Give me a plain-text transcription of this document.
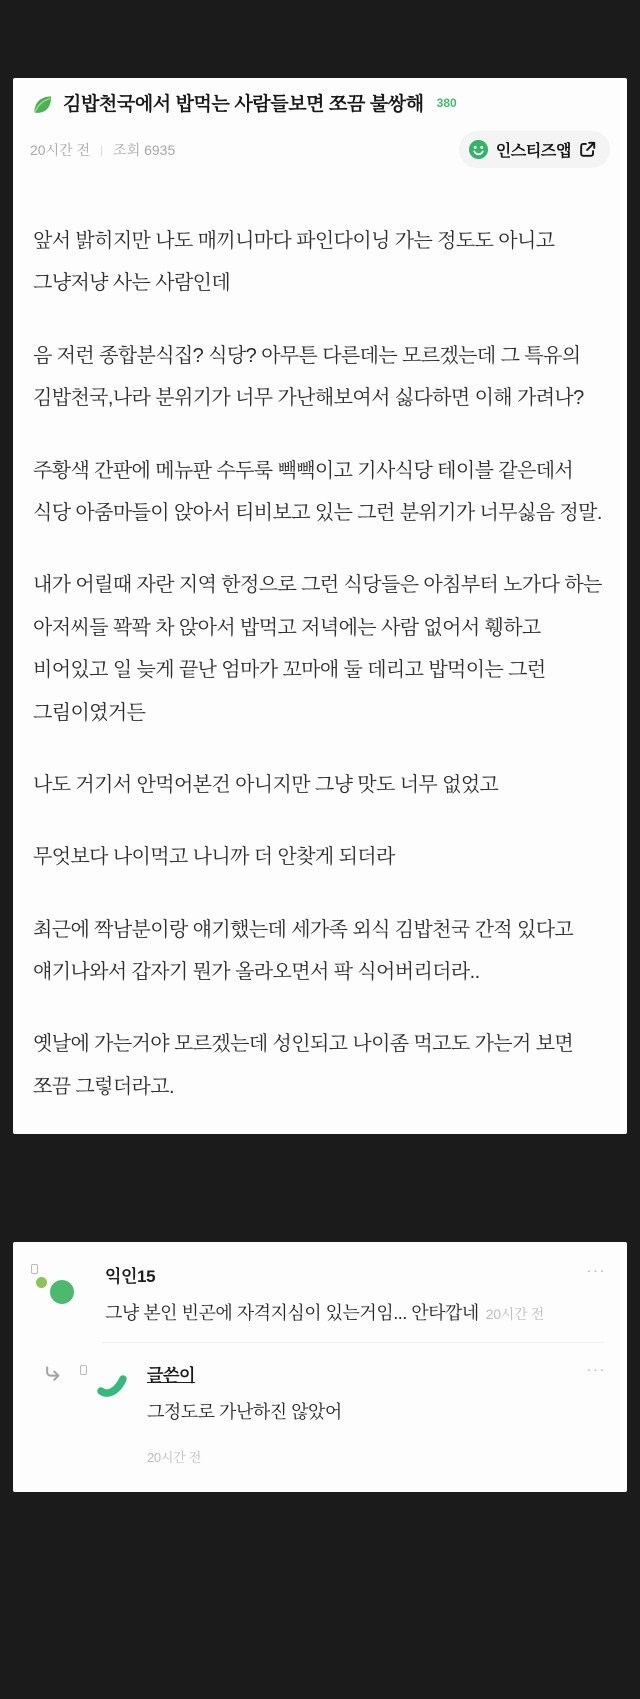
김밥천국에서 밥먹는 사람들보면 쪼끔 불쌍해 380
20시간 전 | 조회 6935	인스티즈앱

앞서 밝히지만 나도 매끼니마다 파인다이닝 가는 정도도 아니고 그냥저냥 사는 사람인데

음 저런 종합분식집? 식당? 아무튼 다른데는 모르겠는데 그 특유의 김밥천국,나라 분위기가 너무 가난해보여서 싫다하면 이해 가려나?

주황색 간판에 메뉴판 수두룩 빽빽이고 기사식당 테이블 같은데서 식당 아줌마들이 앉아서 티비보고 있는 그런 분위기가 너무싫음 정말.

내가 어릴때 자란 지역 한정으로 그런 식당들은 아침부터 노가다 하는 아저씨들 꽉꽉 차 앉아서 밥먹고 저녁에는 사람 없어서 휑하고 비어있고 일 늦게 끝난 엄마가 꼬마애 둘 데리고 밥먹이는 그런 그림이였거든

나도 거기서 안먹어본건 아니지만 그냥 맛도 너무 없었고

무엇보다 나이먹고 나니까 더 안찾게 되더라

최근에 짝남분이랑 얘기했는데 세가족 외식 김밥천국 간적 있다고 얘기나와서 갑자기 뭔가 올라오면서 팍 식어버리더라..

옛날에 가는거야 모르겠는데 성인되고 나이좀 먹고도 가는거 보면 쪼끔 그렇더라고.

익인15	···
그냥 본인 빈곤에 자격지심이 있는거임... 안타깝네 20시간 전
글쓴이	···
그정도로 가난하진 않았어
20시간 전
